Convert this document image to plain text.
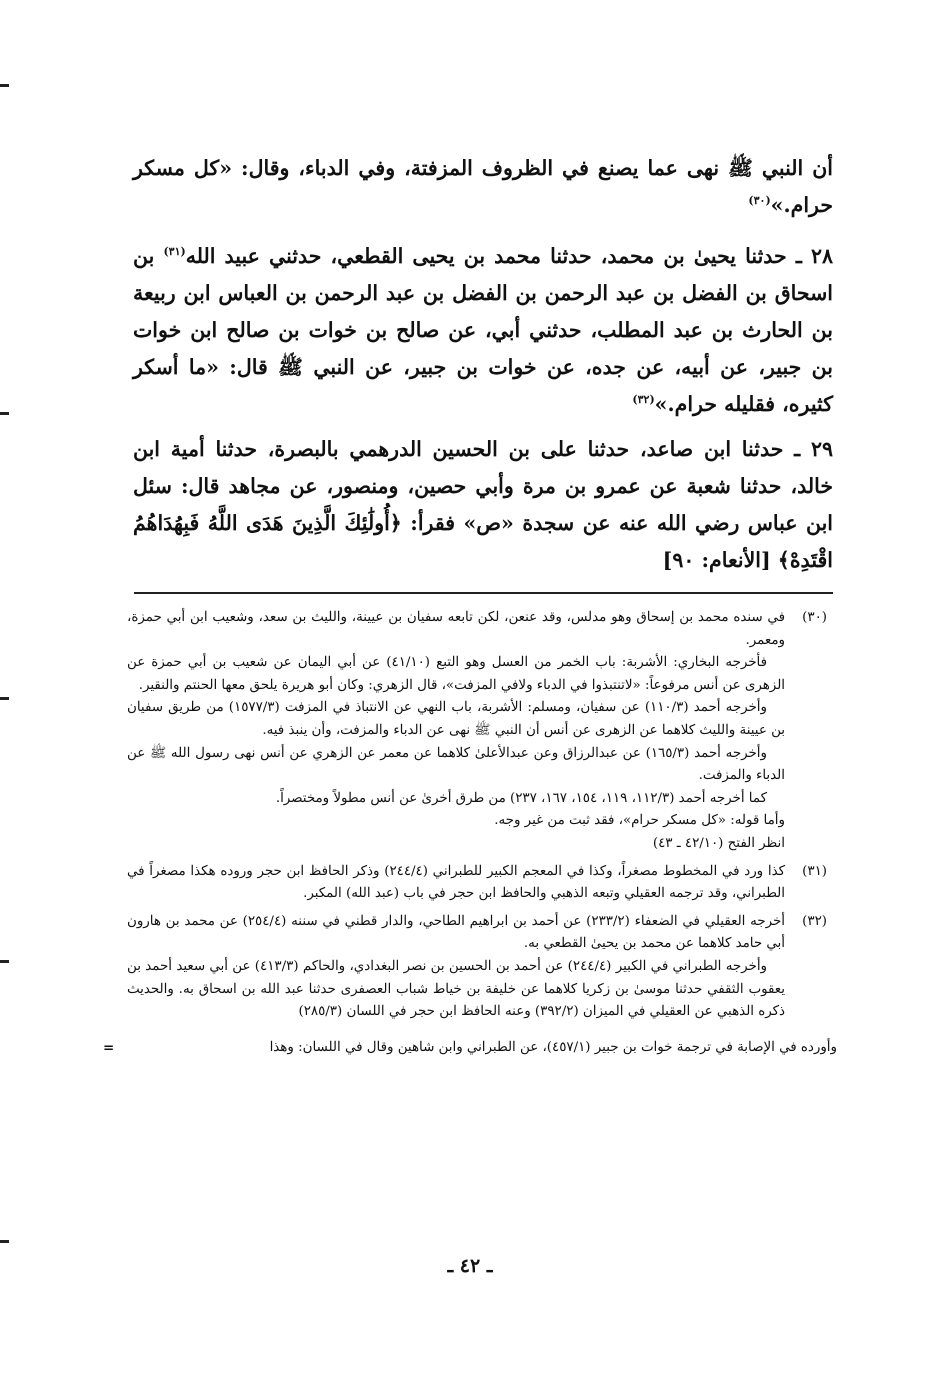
أن النبي ﷺ نهى عما يصنع في الظروف المزفتة، وفي الدباء، وقال: «كل مسكر حرام.»$^{(٣٠)}$

٢٨ ـ حدثنا يحيىٰ بن محمد، حدثنا محمد بن يحيى القطعي، حدثني عبيد الله$^{(٣١)}$ بن اسحاق بن الفضل بن عبد الرحمن بن الفضل بن عبد الرحمن بن العباس ابن ربيعة بن الحارث بن عبد المطلب، حدثني أبي، عن صالح بن خوات بن صالح ابن خوات بن جبير، عن أبيه، عن جده، عن خوات بن جبير، عن النبي ﷺ قال: «ما أسكر كثيره، فقليله حرام.»$^{(٣٢)}$

٢٩ ـ حدثنا ابن صاعد، حدثنا على بن الحسين الدرهمي بالبصرة، حدثنا أمية ابن خالد، حدثنا شعبة عن عمرو بن مرة وأبي حصين، ومنصور، عن مجاهد قال: سئل ابن عباس رضي الله عنه عن سجدة «ص» فقرأ: ﴿أُولَٰئِكَ الَّذِينَ هَدَى اللَّهُ فَبِهُدَاهُمُ اقْتَدِهْ﴾ [الأنعام: ٩٠]

(٣٠)

في سنده محمد بن إسحاق وهو مدلس، وقد عنعن، لكن تابعه سفيان بن عيينة، والليث بن سعد، وشعيب ابن أبي حمزة، ومعمر.

فأخرجه البخاري: الأشربة: باب الخمر من العسل وهو التبع (٤١/١٠) عن أبي اليمان عن شعيب بن أبي حمزة عن الزهرى عن أنس مرفوعاً: «لاتنتبذوا في الدباء ولافي المزفت»، قال الزهري: وكان أبو هريرة يلحق معها الحنتم والنقير.

وأخرجه أحمد (١١٠/٣) عن سفيان، ومسلم: الأشربة، باب النهي عن الانتباذ في المزفت (١٥٧٧/٣) من طريق سفيان بن عيينة والليث كلاهما عن الزهرى عن أنس أن النبي ﷺ نهى عن الدباء والمزفت، وأن ينبذ فيه.

وأخرجه أحمد (١٦٥/٣) عن عبدالرزاق وعن عبدالأعلىٰ كلاهما عن معمر عن الزهري عن أنس نهى رسول الله ﷺ عن الدباء والمزفت.

كما أخرجه أحمد (١١٢/٣، ١١٩، ١٥٤، ١٦٧، ٢٣٧) من طرق أخرىٰ عن أنس مطولاً ومختصراً.

وأما قوله: «كل مسكر حرام»، فقد ثبت من غير وجه.

انظر الفتح (٤٢/١٠ ـ ٤٣)

(٣١)

كذا ورد في المخطوط مصغراً، وكذا في المعجم الكبير للطبراني (٢٤٤/٤) وذكر الحافظ ابن حجر وروده هكذا مصغراً في الطبراني، وقد ترجمه العقيلي وتبعه الذهبي والحافظ ابن حجر في باب (عبد الله) المكبر.

(٣٢)

أخرجه العقيلي في الضعفاء (٢٣٣/٢) عن أحمد بن ابراهيم الطاحي، والدار قطني في سننه (٢٥٤/٤) عن محمد بن هارون أبي حامد كلاهما عن محمد بن يحيىٰ القطعي به.

وأخرجه الطبراني في الكبير (٢٤٤/٤) عن أحمد بن الحسين بن نصر البغدادي، والحاكم (٤١٣/٣) عن أبي سعيد أحمد بن يعقوب الثقفي حدثنا موسىٰ بن زكريا كلاهما عن خليفة بن خياط شباب العصفرى حدثنا عبد الله بن اسحاق به. والحديث ذكره الذهبي عن العقيلي في الميزان (٣٩٢/٢) وعنه الحافظ ابن حجر في اللسان (٢٨٥/٣)

وأورده في الإصابة في ترجمة خوات بن جبير (٤٥٧/١)، عن الطبراني وابن شاهين وقال في اللسان: وهذا

=
ـ ٤٢ ـ
